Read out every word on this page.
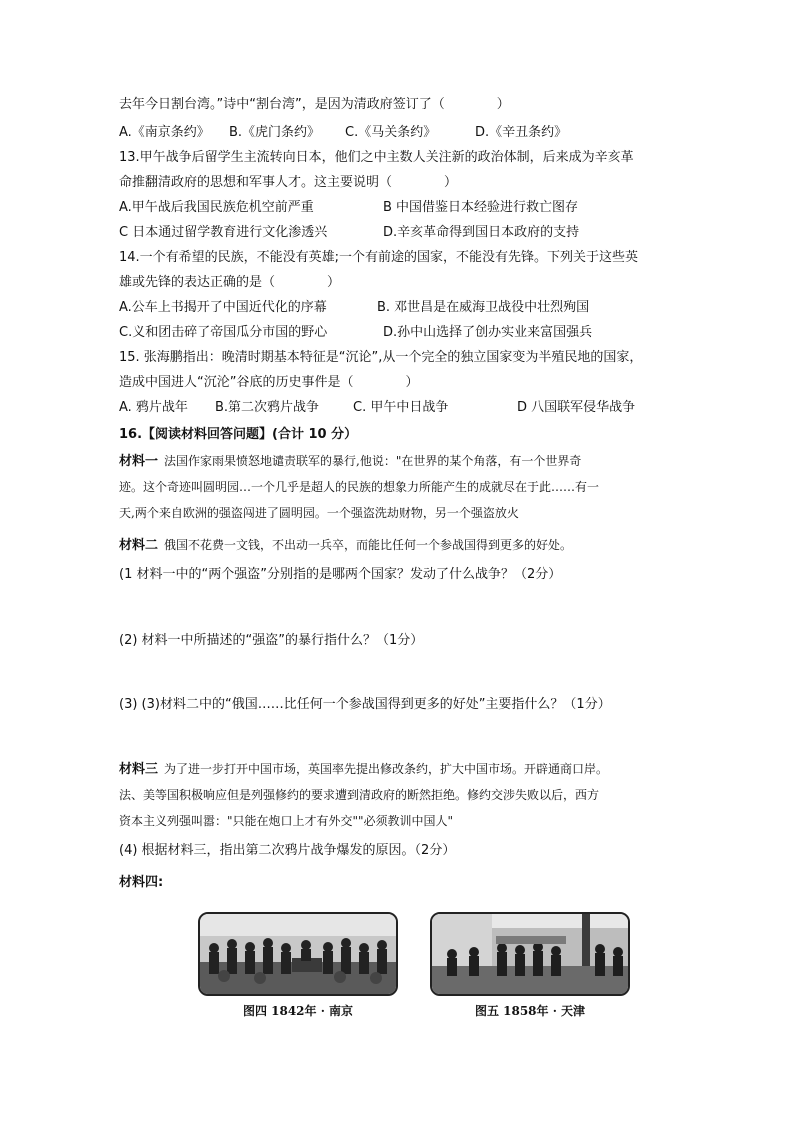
去年今日割台湾。”诗中“割台湾”，是因为清政府签订了（　　　　）
A.《南京条约》	B.《虎门条约》	C.《马关条约》	D.《辛丑条约》
13.甲午战争后留学生主流转向日本，他们之中主数人关注新的政治体制，后来成为辛亥革
命推翻清政府的思想和军事人才。这主要说明（　　　　）
A.甲午战后我国民族危机空前严重	B 中国借鉴日本经验进行救亡图存
C 日本通过留学教育进行文化渗透兴	D.辛亥革命得到国日本政府的支持
14.一个有希望的民族，不能没有英雄;一个有前途的国家，不能没有先锋。下列关于这些英
雄或先锋的表达正确的是（　　　　）
A.公车上书揭开了中国近代化的序幕	B. 邓世昌是在威海卫战役中壮烈殉国
C.义和团击碎了帝国瓜分市国的野心	D.孙中山选择了创办实业来富国强兵
15. 张海鹏指出：晚清时期基本特征是“沉论”,从一个完全的独立国家变为半殖民地的国家，
造成中国进人“沉沦”谷底的历史事件是（　　　　）
A. 鸦片战年	B.第二次鸦片战争	C. 甲午中日战争	D 八国联军侵华战争
16.【阅读材料回答问题】(合计 10 分）
材料一 法国作家雨果愤怒地谴责联军的暴行,他说："在世界的某个角落，有一个世界奇
迹。这个奇迹叫圆明园…一个几乎是超人的民族的想象力所能产生的成就尽在于此……有一
天,两个来自欧洲的强盗闯进了圆明园。一个强盗洗劫财物，另一个强盗放火
材料二 俄国不花费一文钱，不出动一兵卒，而能比任何一个参战国得到更多的好处。
(1 材料一中的“两个强盗”分别指的是哪两个国家？发动了什么战争？（2分）
(2) 材料一中所描述的“强盗”的暴行指什么？（1分）
(3) (3)材料二中的“俄国……比任何一个参战国得到更多的好处”主要指什么？（1分）
材料三 为了进一步打开中国市场，英国率先提出修改条约，扩大中国市场。开辟通商口岸。
法、美等国积极响应但是列强修约的要求遭到清政府的断然拒绝。修约交涉失败以后，西方
资本主义列强叫嚣："只能在炮口上才有外交""必须教训中国人"
(4) 根据材料三，指出第二次鸦片战争爆发的原因。（2分）
材料四:
图四 1842年 · 南京	图五 1858年 · 天津
